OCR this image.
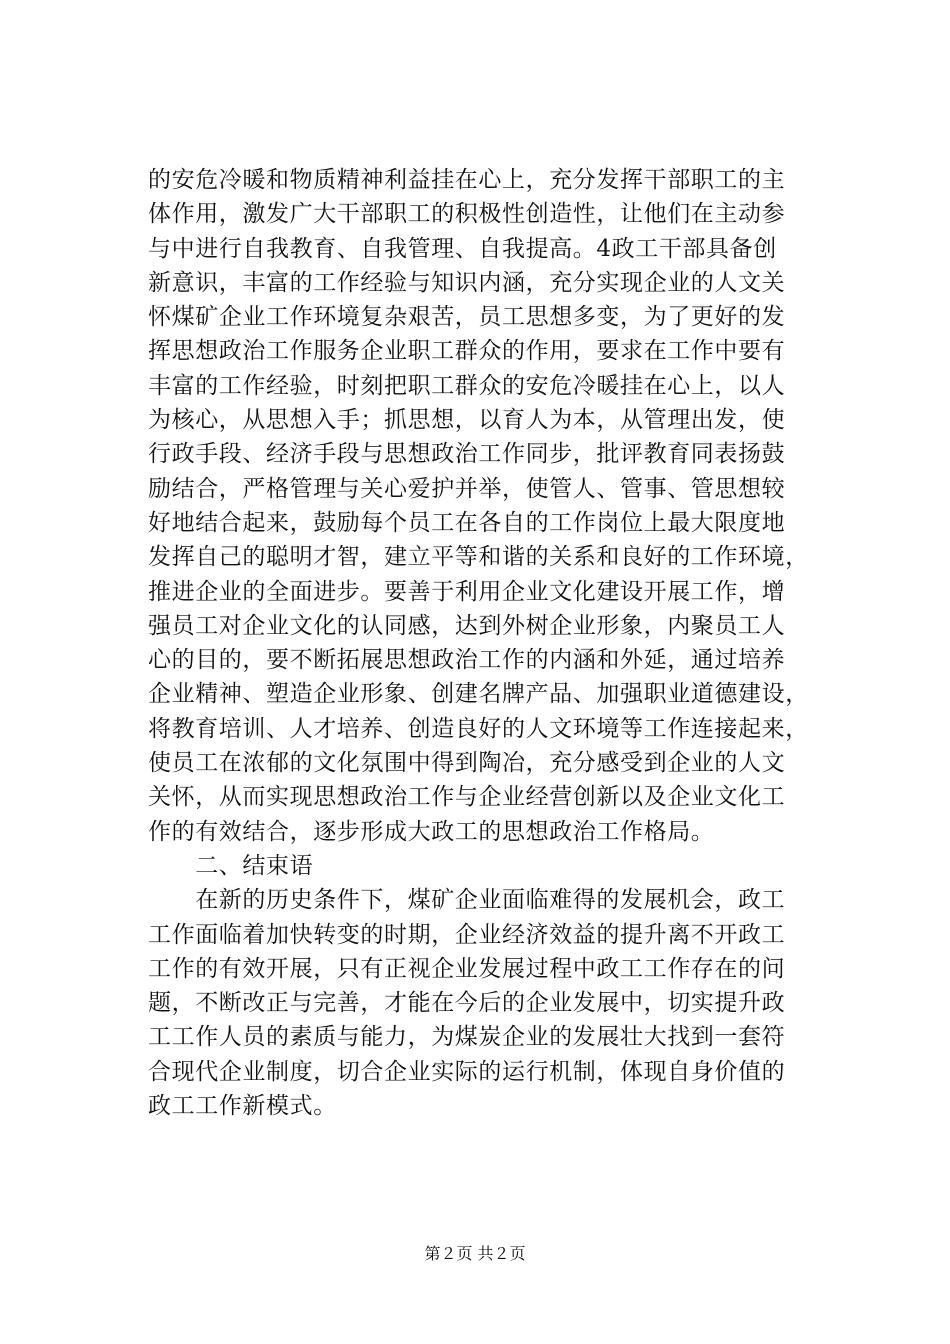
的安危冷暖和物质精神利益挂在心上，充分发挥干部职工的主
体作用，激发广大干部职工的积极性创造性，让他们在主动参
与中进行自我教育、自我管理、自我提高。4政工干部具备创
新意识，丰富的工作经验与知识内涵，充分实现企业的人文关
怀煤矿企业工作环境复杂艰苦，员工思想多变，为了更好的发
挥思想政治工作服务企业职工群众的作用，要求在工作中要有
丰富的工作经验，时刻把职工群众的安危冷暖挂在心上，以人
为核心，从思想入手；抓思想，以育人为本，从管理出发，使
行政手段、经济手段与思想政治工作同步，批评教育同表扬鼓
励结合，严格管理与关心爱护并举，使管人、管事、管思想较
好地结合起来，鼓励每个员工在各自的工作岗位上最大限度地
发挥自己的聪明才智，建立平等和谐的关系和良好的工作环境，
推进企业的全面进步。要善于利用企业文化建设开展工作，增
强员工对企业文化的认同感，达到外树企业形象，内聚员工人
心的目的，要不断拓展思想政治工作的内涵和外延，通过培养
企业精神、塑造企业形象、创建名牌产品、加强职业道德建设，
将教育培训、人才培养、创造良好的人文环境等工作连接起来，
使员工在浓郁的文化氛围中得到陶冶，充分感受到企业的人文
关怀，从而实现思想政治工作与企业经营创新以及企业文化工
作的有效结合，逐步形成大政工的思想政治工作格局。
　　二、结束语
　　在新的历史条件下，煤矿企业面临难得的发展机会，政工
工作面临着加快转变的时期，企业经济效益的提升离不开政工
工作的有效开展，只有正视企业发展过程中政工工作存在的问
题，不断改正与完善，才能在今后的企业发展中，切实提升政
工工作人员的素质与能力，为煤炭企业的发展壮大找到一套符
合现代企业制度，切合企业实际的运行机制，体现自身价值的
政工工作新模式。
第２页 共２页
